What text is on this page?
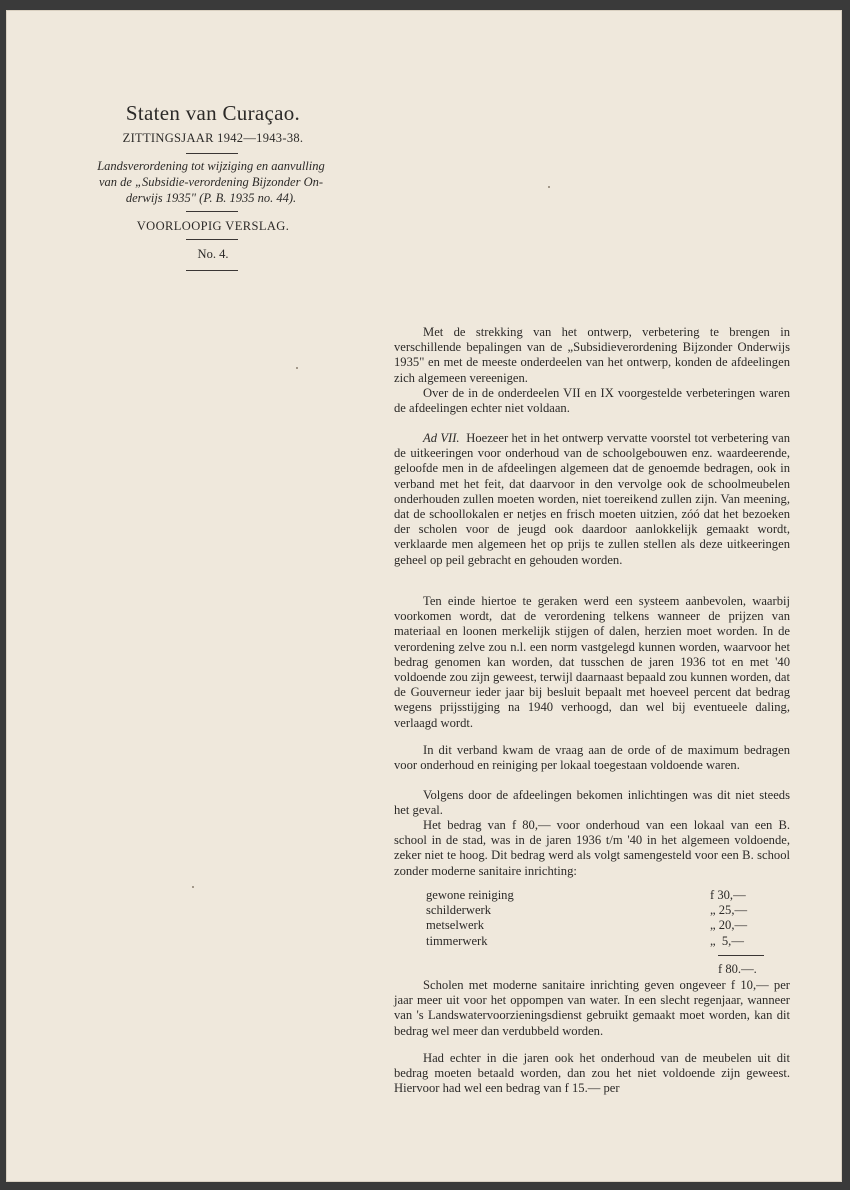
Staten van Curaçao.
ZITTINGSJAAR 1942—1943-38.
Landsverordening tot wijziging en aanvulling
van de „Subsidie-verordening Bijzonder On-
derwijs 1935" (P. B. 1935 no. 44).
VOORLOOPIG VERSLAG.
No. 4.

Met de strekking van het ontwerp, verbetering te brengen in verschillende bepalingen van de „Subsidieverordening Bijzonder Onderwijs 1935" en met de meeste onderdeelen van het ontwerp, konden de afdeelingen zich algemeen vereenigen.

Over de in de onderdeelen VII en IX voorgestelde verbeteringen waren de afdeelingen echter niet voldaan.

Ad VII. Hoezeer het in het ontwerp vervatte voorstel tot verbetering van de uitkeeringen voor onderhoud van de schoolgebouwen enz. waardeerende, geloofde men in de afdeelingen algemeen dat de genoemde bedragen, ook in verband met het feit, dat daarvoor in den vervolge ook de schoolmeubelen onderhouden zullen moeten worden, niet toereikend zullen zijn. Van meening, dat de schoollokalen er netjes en frisch moeten uitzien, zóó dat het bezoeken der scholen voor de jeugd ook daardoor aanlokkelijk gemaakt wordt, verklaarde men algemeen het op prijs te zullen stellen als deze uitkeeringen geheel op peil gebracht en gehouden worden.

Ten einde hiertoe te geraken werd een systeem aanbevolen, waarbij voorkomen wordt, dat de verordening telkens wanneer de prijzen van materiaal en loonen merkelijk stijgen of dalen, herzien moet worden. In de verordening zelve zou n.l. een norm vastgelegd kunnen worden, waarvoor het bedrag genomen kan worden, dat tusschen de jaren 1936 tot en met '40 voldoende zou zijn geweest, terwijl daarnaast bepaald zou kunnen worden, dat de Gouverneur ieder jaar bij besluit bepaalt met hoeveel percent dat bedrag wegens prijsstijging na 1940 verhoogd, dan wel bij eventueele daling, verlaagd wordt.

In dit verband kwam de vraag aan de orde of de maximum bedragen voor onderhoud en reiniging per lokaal toegestaan voldoende waren.

Volgens door de afdeelingen bekomen inlichtingen was dit niet steeds het geval.

Het bedrag van f 80,— voor onderhoud van een lokaal van een B. school in de stad, was in de jaren 1936 t/m '40 in het algemeen voldoende, zeker niet te hoog. Dit bedrag werd als volgt samengesteld voor een B. school zonder moderne sanitaire inrichting:

gewone reiniging	f 30,—
schilderwerk	„ 25,—
metselwerk	„ 20,—
timmerwerk	„  5,—
f 80.—.

Scholen met moderne sanitaire inrichting geven ongeveer f 10,— per jaar meer uit voor het oppompen van water. In een slecht regenjaar, wanneer van 's Landswatervoorzieningsdienst gebruikt gemaakt moet worden, kan dit bedrag wel meer dan verdubbeld worden.

Had echter in die jaren ook het onderhoud van de meubelen uit dit bedrag moeten betaald worden, dan zou het niet voldoende zijn geweest. Hiervoor had wel een bedrag van f 15.— per
